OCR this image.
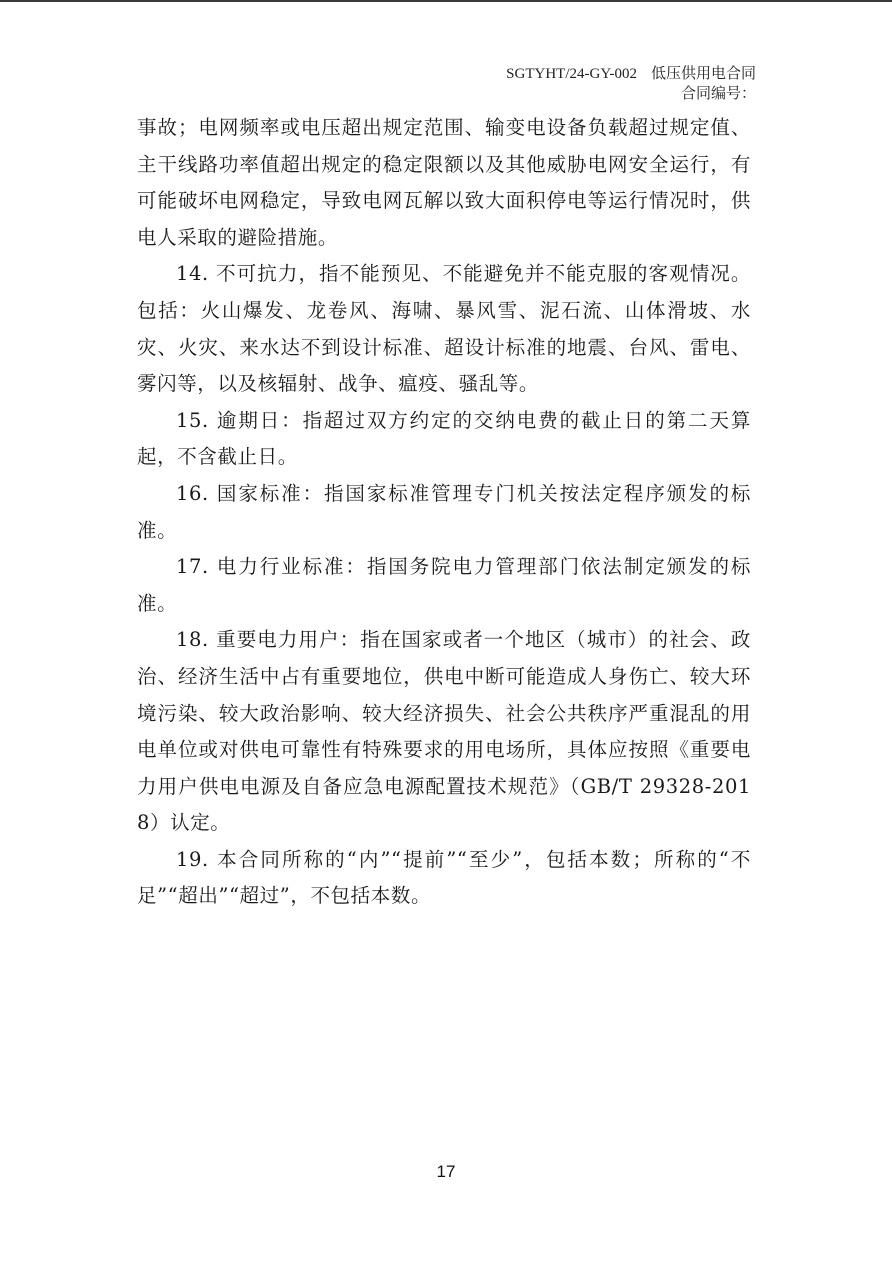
SGTYHT/24-GY-002 低压供用电合同
合同编号：

事故；电网频率或电压超出规定范围、输变电设备负载超过规定值、主干线路功率值超出规定的稳定限额以及其他威胁电网安全运行，有可能破坏电网稳定，导致电网瓦解以致大面积停电等运行情况时，供电人采取的避险措施。

14. 不可抗力，指不能预见、不能避免并不能克服的客观情况。包括：火山爆发、龙卷风、海啸、暴风雪、泥石流、山体滑坡、水灾、火灾、来水达不到设计标准、超设计标准的地震、台风、雷电、雾闪等，以及核辐射、战争、瘟疫、骚乱等。

15. 逾期日：指超过双方约定的交纳电费的截止日的第二天算起，不含截止日。

16. 国家标准：指国家标准管理专门机关按法定程序颁发的标准。

17. 电力行业标准：指国务院电力管理部门依法制定颁发的标准。

18. 重要电力用户：指在国家或者一个地区（城市）的社会、政治、经济生活中占有重要地位，供电中断可能造成人身伤亡、较大环境污染、较大政治影响、较大经济损失、社会公共秩序严重混乱的用电单位或对供电可靠性有特殊要求的用电场所，具体应按照《重要电力用户供电电源及自备应急电源配置技术规范》（GB/T 29328-2018）认定。

19. 本合同所称的“内”“提前”“至少”，包括本数；所称的“不足”“超出”“超过”，不包括本数。

17
